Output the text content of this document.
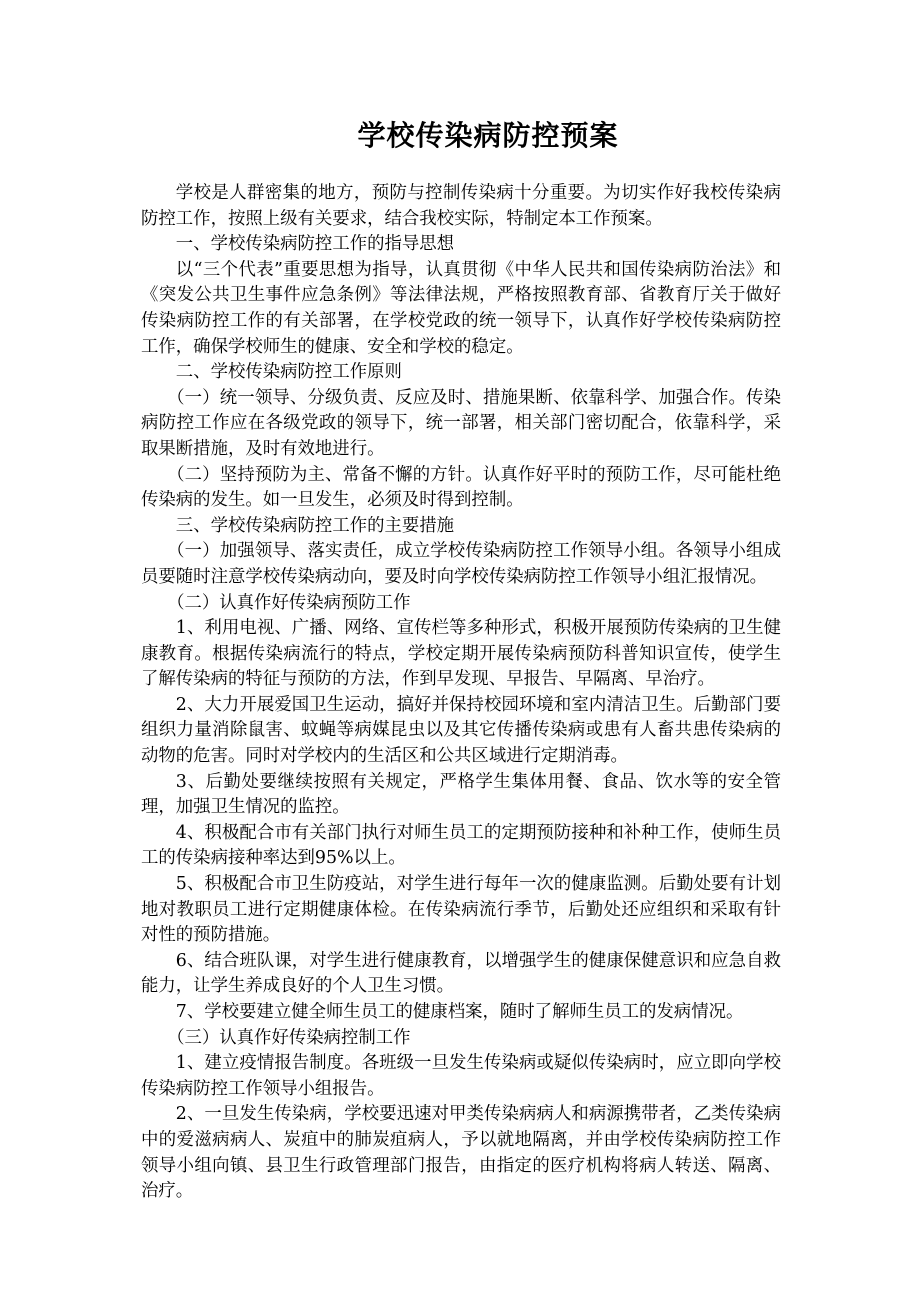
学校传染病防控预案

学校是人群密集的地方，预防与控制传染病十分重要。为切实作好我校传染病防控工作，按照上级有关要求，结合我校实际，特制定本工作预案。

一、学校传染病防控工作的指导思想

以“三个代表”重要思想为指导，认真贯彻《中华人民共和国传染病防治法》和《突发公共卫生事件应急条例》等法律法规，严格按照教育部、省教育厅关于做好传染病防控工作的有关部署，在学校党政的统一领导下，认真作好学校传染病防控工作，确保学校师生的健康、安全和学校的稳定。

二、学校传染病防控工作原则

（一）统一领导、分级负责、反应及时、措施果断、依靠科学、加强合作。传染病防控工作应在各级党政的领导下，统一部署，相关部门密切配合，依靠科学，采取果断措施，及时有效地进行。

（二）坚持预防为主、常备不懈的方针。认真作好平时的预防工作，尽可能杜绝传染病的发生。如一旦发生，必须及时得到控制。

三、学校传染病防控工作的主要措施

（一）加强领导、落实责任，成立学校传染病防控工作领导小组。各领导小组成员要随时注意学校传染病动向，要及时向学校传染病防控工作领导小组汇报情况。

（二）认真作好传染病预防工作

1、利用电视、广播、网络、宣传栏等多种形式，积极开展预防传染病的卫生健康教育。根据传染病流行的特点，学校定期开展传染病预防科普知识宣传，使学生了解传染病的特征与预防的方法，作到早发现、早报告、早隔离、早治疗。

2、大力开展爱国卫生运动，搞好并保持校园环境和室内清洁卫生。后勤部门要组织力量消除鼠害、蚊蝇等病媒昆虫以及其它传播传染病或患有人畜共患传染病的动物的危害。同时对学校内的生活区和公共区域进行定期消毒。

3、后勤处要继续按照有关规定，严格学生集体用餐、食品、饮水等的安全管理，加强卫生情况的监控。

4、积极配合市有关部门执行对师生员工的定期预防接种和补种工作，使师生员工的传染病接种率达到95%以上。

5、积极配合市卫生防疫站，对学生进行每年一次的健康监测。后勤处要有计划地对教职员工进行定期健康体检。在传染病流行季节，后勤处还应组织和采取有针对性的预防措施。

6、结合班队课，对学生进行健康教育，以增强学生的健康保健意识和应急自救能力，让学生养成良好的个人卫生习惯。

7、学校要建立健全师生员工的健康档案，随时了解师生员工的发病情况。

（三）认真作好传染病控制工作

1、建立疫情报告制度。各班级一旦发生传染病或疑似传染病时，应立即向学校传染病防控工作领导小组报告。

2、一旦发生传染病，学校要迅速对甲类传染病病人和病源携带者，乙类传染病中的爱滋病病人、炭疽中的肺炭疽病人，予以就地隔离，并由学校传染病防控工作领导小组向镇、县卫生行政管理部门报告，由指定的医疗机构将病人转送、隔离、治疗。
